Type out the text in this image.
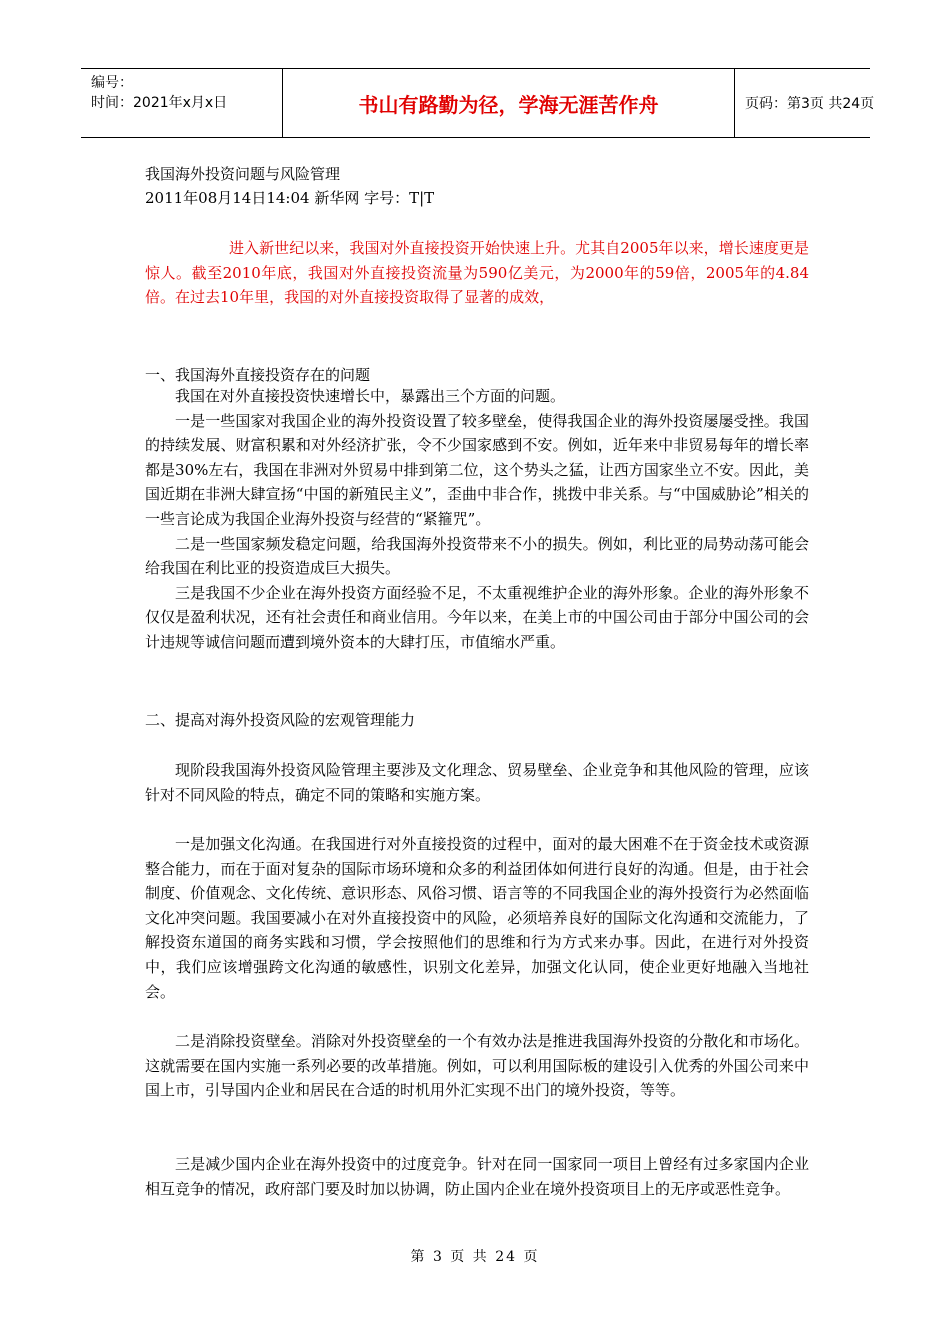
编号：
时间：2021年x月x日	书山有路勤为径，学海无涯苦作舟	页码：第3页 共24页
我国海外投资问题与风险管理
2011年08月14日14:04 新华网 字号：T|T

进入新世纪以来，我国对外直接投资开始快速上升。尤其自2005年以来，增长速度更是惊人。截至2010年底，我国对外直接投资流量为590亿美元，为2000年的59倍，2005年的4.84倍。在过去10年里，我国的对外直接投资取得了显著的成效，

一、我国海外直接投资存在的问题

我国在对外直接投资快速增长中，暴露出三个方面的问题。

一是一些国家对我国企业的海外投资设置了较多壁垒，使得我国企业的海外投资屡屡受挫。我国的持续发展、财富积累和对外经济扩张，令不少国家感到不安。例如，近年来中非贸易每年的增长率都是30%左右，我国在非洲对外贸易中排到第二位，这个势头之猛，让西方国家坐立不安。因此，美国近期在非洲大肆宣扬“中国的新殖民主义”，歪曲中非合作，挑拨中非关系。与“中国威胁论”相关的一些言论成为我国企业海外投资与经营的“紧箍咒”。

二是一些国家频发稳定问题，给我国海外投资带来不小的损失。例如，利比亚的局势动荡可能会给我国在利比亚的投资造成巨大损失。

三是我国不少企业在海外投资方面经验不足，不太重视维护企业的海外形象。企业的海外形象不仅仅是盈利状况，还有社会责任和商业信用。今年以来，在美上市的中国公司由于部分中国公司的会计违规等诚信问题而遭到境外资本的大肆打压，市值缩水严重。

二、提高对海外投资风险的宏观管理能力

现阶段我国海外投资风险管理主要涉及文化理念、贸易壁垒、企业竞争和其他风险的管理，应该针对不同风险的特点，确定不同的策略和实施方案。

一是加强文化沟通。在我国进行对外直接投资的过程中，面对的最大困难不在于资金技术或资源整合能力，而在于面对复杂的国际市场环境和众多的利益团体如何进行良好的沟通。但是，由于社会制度、价值观念、文化传统、意识形态、风俗习惯、语言等的不同我国企业的海外投资行为必然面临文化冲突问题。我国要减小在对外直接投资中的风险，必须培养良好的国际文化沟通和交流能力，了解投资东道国的商务实践和习惯，学会按照他们的思维和行为方式来办事。因此，在进行对外投资中，我们应该增强跨文化沟通的敏感性，识别文化差异，加强文化认同，使企业更好地融入当地社会。

二是消除投资壁垒。消除对外投资壁垒的一个有效办法是推进我国海外投资的分散化和市场化。这就需要在国内实施一系列必要的改革措施。例如，可以利用国际板的建设引入优秀的外国公司来中国上市，引导国内企业和居民在合适的时机用外汇实现不出门的境外投资，等等。

三是减少国内企业在海外投资中的过度竞争。针对在同一国家同一项目上曾经有过多家国内企业相互竞争的情况，政府部门要及时加以协调，防止国内企业在境外投资项目上的无序或恶性竞争。

第 3 页 共 24 页
